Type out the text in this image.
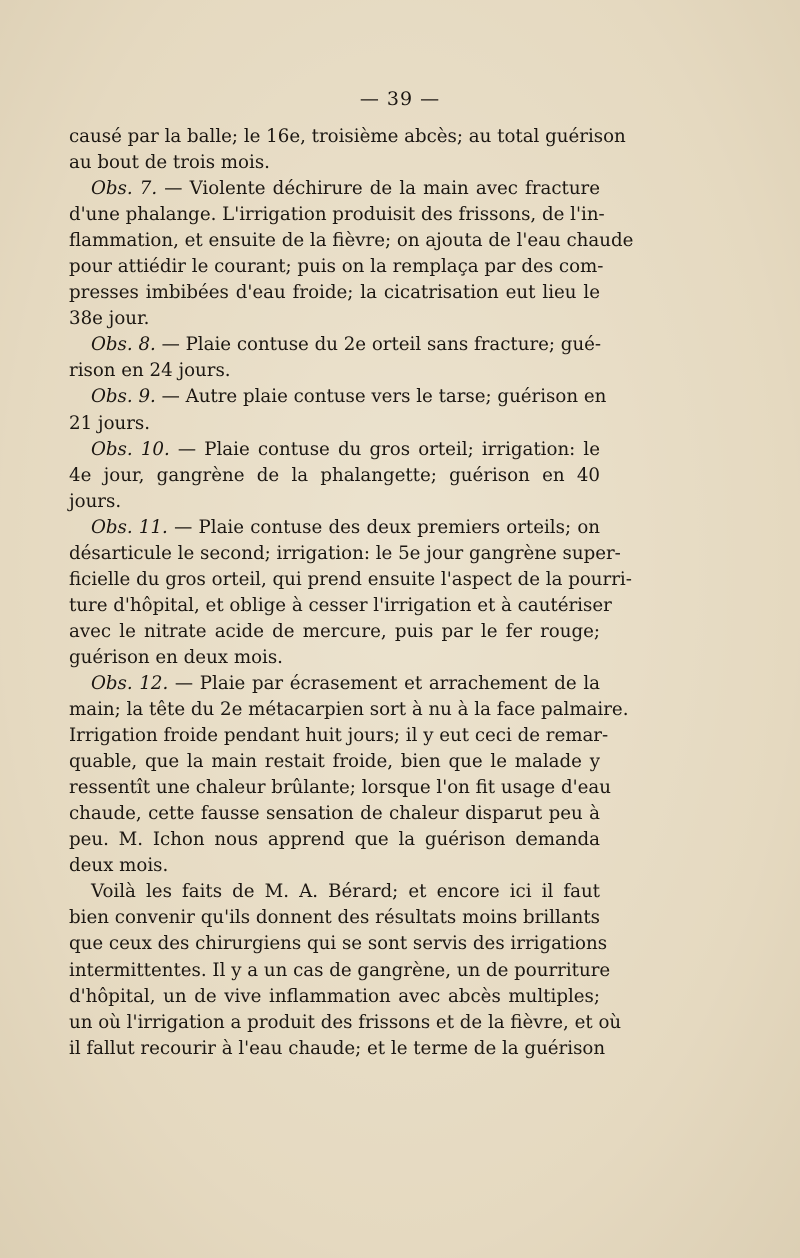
— 39 —
causé par la balle; le 16e, troisième abcès; au total guérison
au bout de trois mois.
Obs. 7. — Violente déchirure de la main avec fracture
d'une phalange. L'irrigation produisit des frissons, de l'in-
flammation, et ensuite de la fièvre; on ajouta de l'eau chaude
pour attiédir le courant; puis on la remplaça par des com-
presses imbibées d'eau froide; la cicatrisation eut lieu le
38e jour.
Obs. 8. — Plaie contuse du 2e orteil sans fracture; gué-
rison en 24 jours.
Obs. 9. — Autre plaie contuse vers le tarse; guérison en
21 jours.
Obs. 10. — Plaie contuse du gros orteil; irrigation: le
4e jour, gangrène de la phalangette; guérison en 40
jours.
Obs. 11. — Plaie contuse des deux premiers orteils; on
désarticule le second; irrigation: le 5e jour gangrène super-
ficielle du gros orteil, qui prend ensuite l'aspect de la pourri-
ture d'hôpital, et oblige à cesser l'irrigation et à cautériser
avec le nitrate acide de mercure, puis par le fer rouge;
guérison en deux mois.
Obs. 12. — Plaie par écrasement et arrachement de la
main; la tête du 2e métacarpien sort à nu à la face palmaire.
Irrigation froide pendant huit jours; il y eut ceci de remar-
quable, que la main restait froide, bien que le malade y
ressentît une chaleur brûlante; lorsque l'on fit usage d'eau
chaude, cette fausse sensation de chaleur disparut peu à
peu. M. Ichon nous apprend que la guérison demanda
deux mois.
Voilà les faits de M. A. Bérard; et encore ici il faut
bien convenir qu'ils donnent des résultats moins brillants
que ceux des chirurgiens qui se sont servis des irrigations
intermittentes. Il y a un cas de gangrène, un de pourriture
d'hôpital, un de vive inflammation avec abcès multiples;
un où l'irrigation a produit des frissons et de la fièvre, et où
il fallut recourir à l'eau chaude; et le terme de la guérison
